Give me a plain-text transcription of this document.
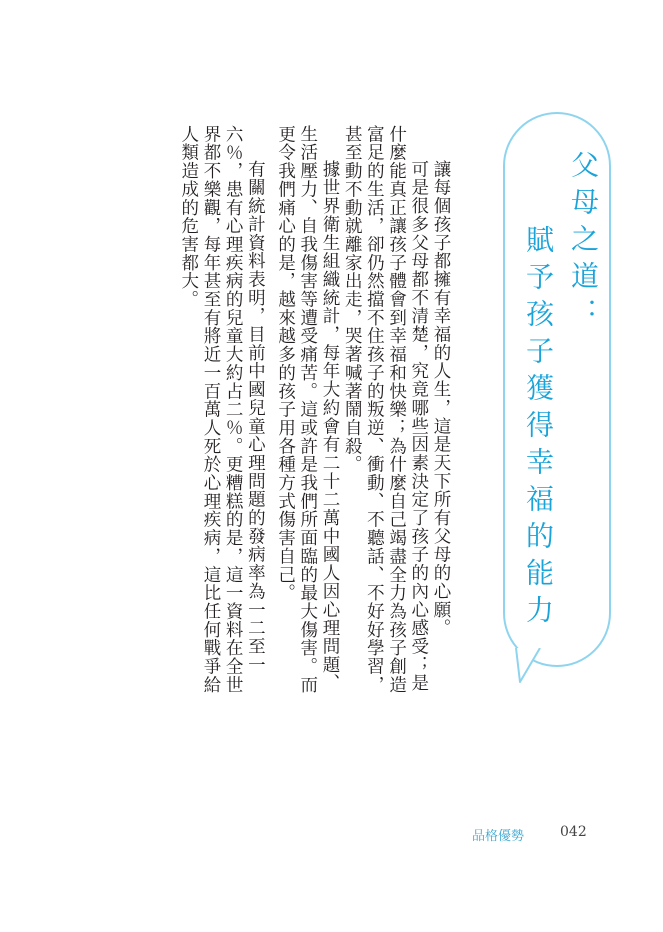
父母之道：
賦予孩子獲得幸福的能力

讓每個孩子都擁有幸福的人生，這是天下所有父母的心願。

可是很多父母都不清楚，究竟哪些因素決定了孩子的內心感受；是什麼能真正讓孩子體會到幸福和快樂；為什麼自己竭盡全力為孩子創造富足的生活，卻仍然擋不住孩子的叛逆、衝動、不聽話、不好好學習，甚至動不動就離家出走，哭著喊著鬧自殺。

據世界衛生組織統計，每年大約會有二十二萬中國人因心理問題、生活壓力、自我傷害等遭受痛苦。這或許是我們所面臨的最大傷害。而更令我們痛心的是，越來越多的孩子用各種方式傷害自己。

有關統計資料表明，目前中國兒童心理問題的發病率為一二至一六％，患有心理疾病的兒童大約占二％。更糟糕的是，這一資料在全世界都不樂觀，每年甚至有將近一百萬人死於心理疾病，這比任何戰爭給人類造成的危害都大。

品格優勢	042
